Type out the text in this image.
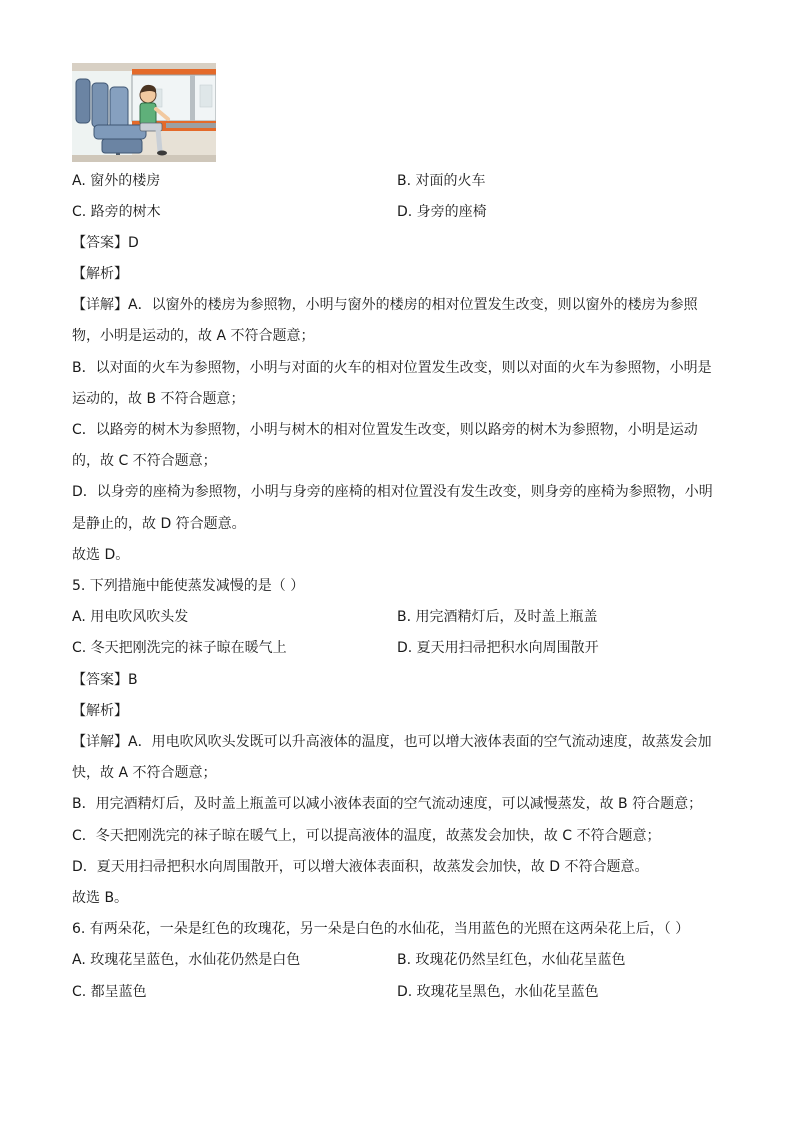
A. 窗外的楼房	B. 对面的火车
C. 路旁的树木	D. 身旁的座椅
【答案】D
【解析】
【详解】A．以窗外的楼房为参照物，小明与窗外的楼房的相对位置发生改变，则以窗外的楼房为参照
物，小明是运动的，故 A 不符合题意；
B．以对面的火车为参照物，小明与对面的火车的相对位置发生改变，则以对面的火车为参照物，小明是
运动的，故 B 不符合题意；
C．以路旁的树木为参照物，小明与树木的相对位置发生改变，则以路旁的树木为参照物，小明是运动
的，故 C 不符合题意；
D．以身旁的座椅为参照物，小明与身旁的座椅的相对位置没有发生改变，则身旁的座椅为参照物，小明
是静止的，故 D 符合题意。
故选 D。
5. 下列措施中能使蒸发减慢的是（ ）
A. 用电吹风吹头发	B. 用完酒精灯后，及时盖上瓶盖
C. 冬天把刚洗完的袜子晾在暖气上	D. 夏天用扫帚把积水向周围散开
【答案】B
【解析】
【详解】A．用电吹风吹头发既可以升高液体的温度，也可以增大液体表面的空气流动速度，故蒸发会加
快，故 A 不符合题意；
B．用完酒精灯后，及时盖上瓶盖可以减小液体表面的空气流动速度，可以减慢蒸发，故 B 符合题意；
C．冬天把刚洗完的袜子晾在暖气上，可以提高液体的温度，故蒸发会加快，故 C 不符合题意；
D．夏天用扫帚把积水向周围散开，可以增大液体表面积，故蒸发会加快，故 D 不符合题意。
故选 B。
6. 有两朵花，一朵是红色的玫瑰花，另一朵是白色的水仙花，当用蓝色的光照在这两朵花上后，（ ）
A. 玫瑰花呈蓝色，水仙花仍然是白色	B. 玫瑰花仍然呈红色，水仙花呈蓝色
C. 都呈蓝色	D. 玫瑰花呈黑色，水仙花呈蓝色
